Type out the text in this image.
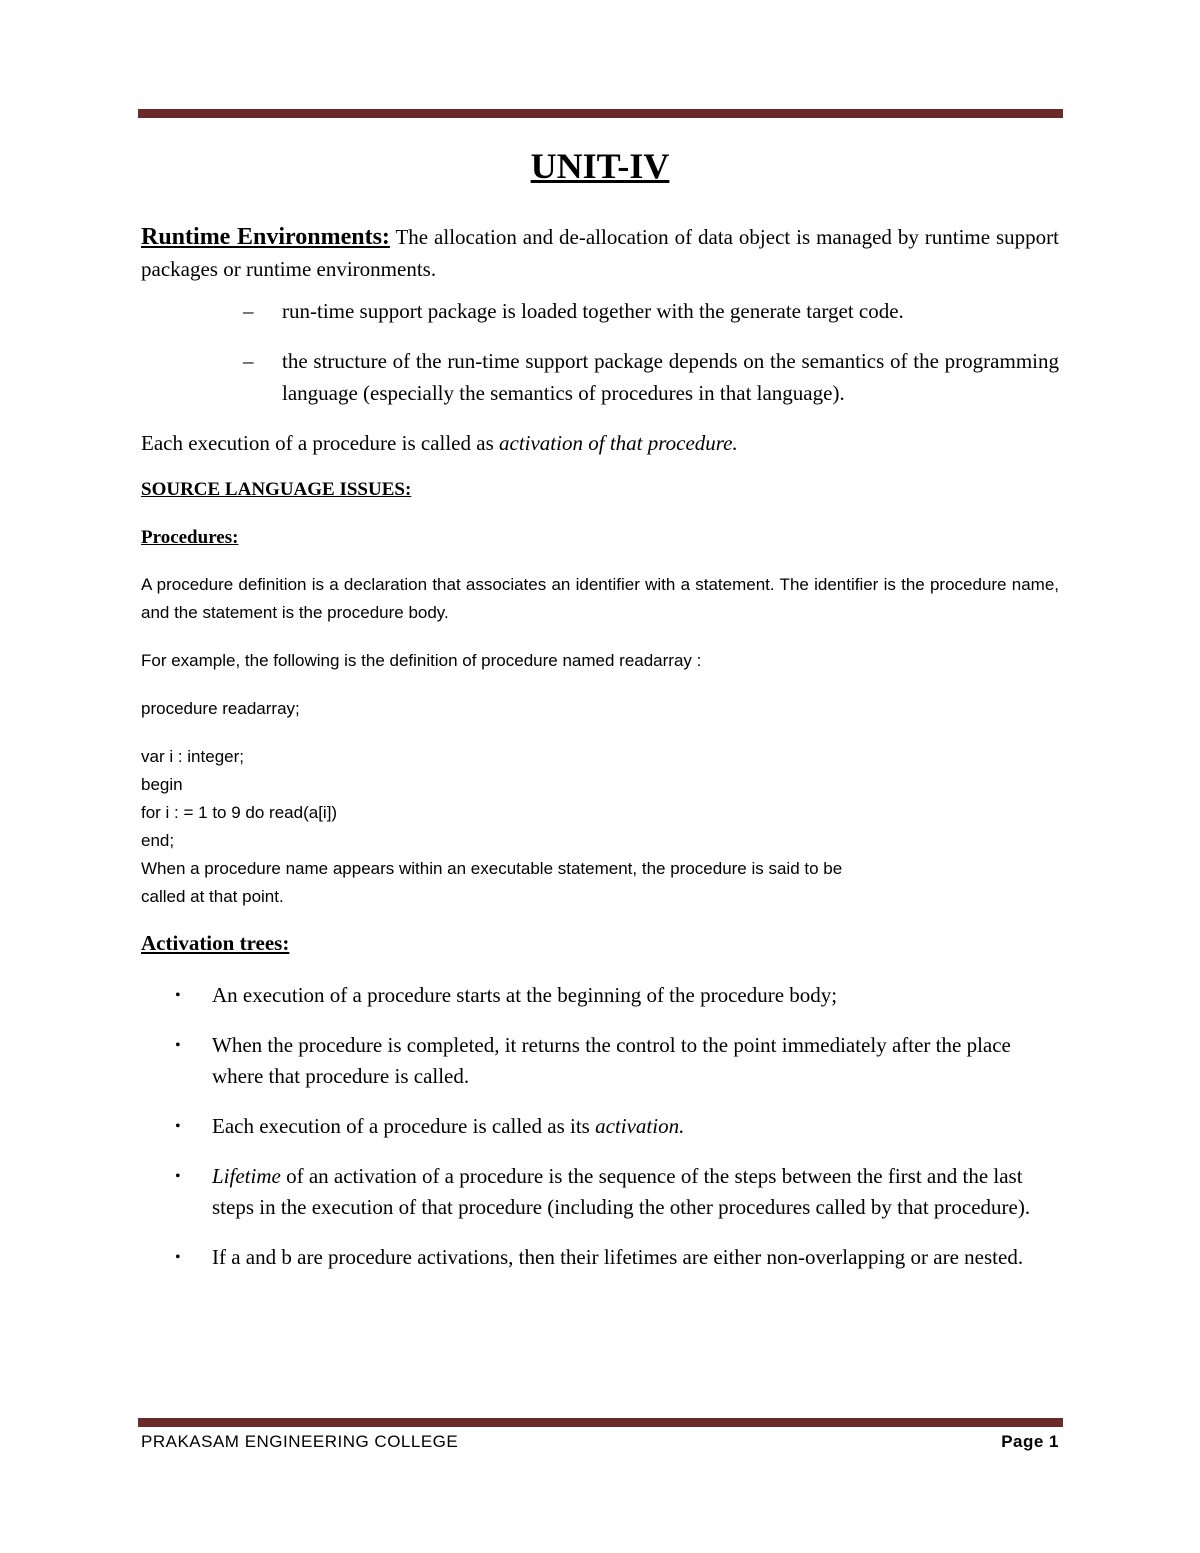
UNIT-IV

Runtime Environments: The allocation and de-allocation of data object is managed by runtime support packages or runtime environments.

– run-time support package is loaded together with the generate target code.
– the structure of the run-time support package depends on the semantics of the programming language (especially the semantics of procedures in that language).

Each execution of a procedure is called as activation of that procedure.

SOURCE LANGUAGE ISSUES:

Procedures:

A procedure definition is a declaration that associates an identifier with a statement. The identifier is the procedure name, and the statement is the procedure body.

For example, the following is the definition of procedure named readarray :

procedure readarray;

var i : integer;

begin

for i : = 1 to 9 do read(a[i])

end;

When a procedure name appears within an executable statement, the procedure is said to be

called at that point.

Activation trees:

• An execution of a procedure starts at the beginning of the procedure body;
• When the procedure is completed, it returns the control to the point immediately after the place where that procedure is called.
• Each execution of a procedure is called as its activation.
• Lifetime of an activation of a procedure is the sequence of the steps between the first and the last steps in the execution of that procedure (including the other procedures called by that procedure).
• If a and b are procedure activations, then their lifetimes are either non-overlapping or are nested.
PRAKASAM ENGINEERING COLLEGE	Page 1
